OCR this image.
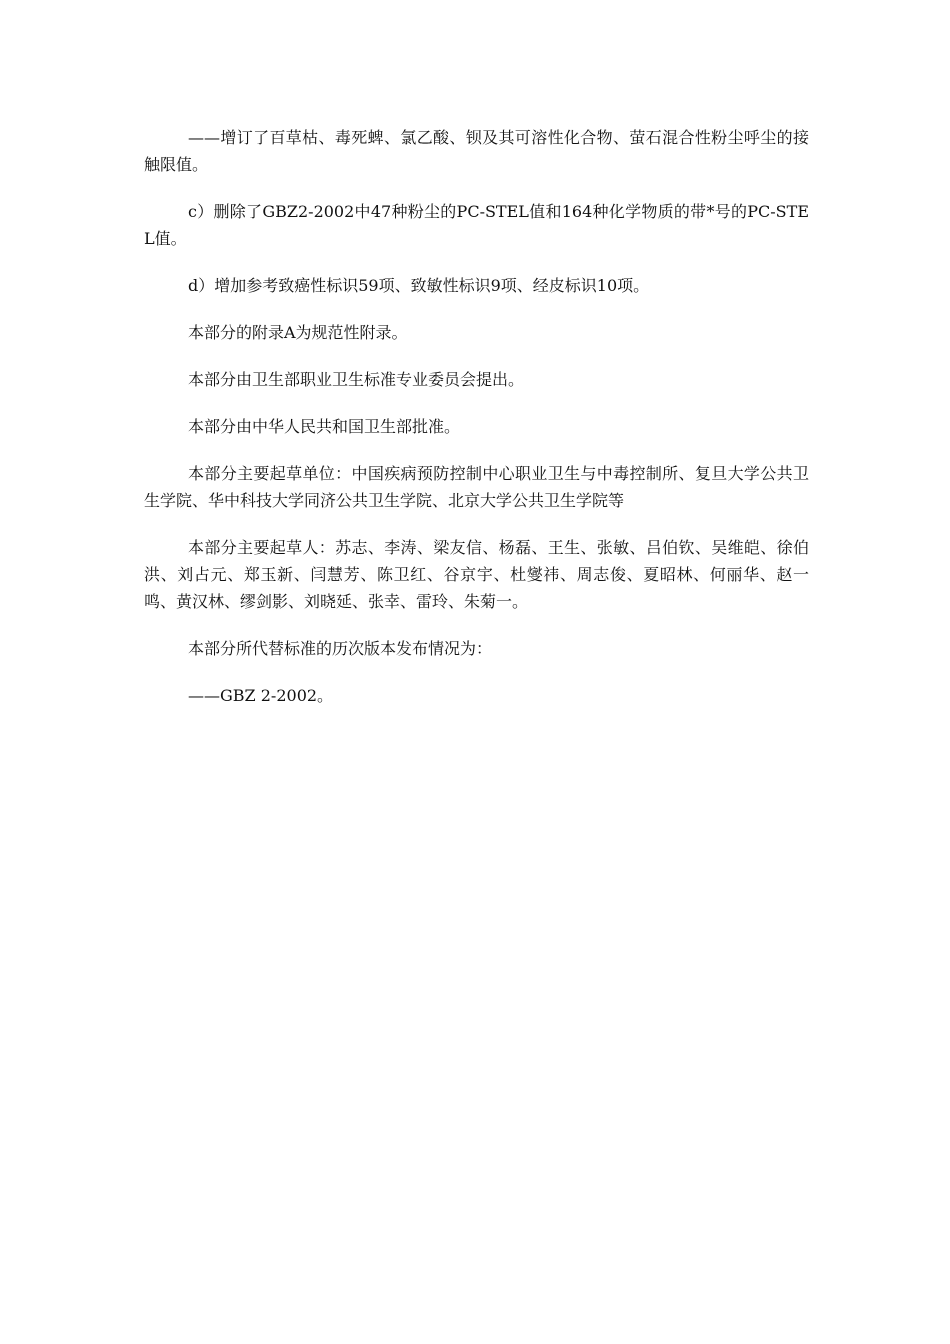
——增订了百草枯、毒死蜱、氯乙酸、钡及其可溶性化合物、萤石混合性粉尘呼尘的接触限值。

c）删除了GBZ2-2002中47种粉尘的PC-STEL值和164种化学物质的带*号的PC-STEL值。

d）增加参考致癌性标识59项、致敏性标识9项、经皮标识10项。

本部分的附录A为规范性附录。

本部分由卫生部职业卫生标准专业委员会提出。

本部分由中华人民共和国卫生部批准。

本部分主要起草单位：中国疾病预防控制中心职业卫生与中毒控制所、复旦大学公共卫生学院、华中科技大学同济公共卫生学院、北京大学公共卫生学院等

本部分主要起草人：苏志、李涛、梁友信、杨磊、王生、张敏、吕伯钦、吴维皑、徐伯洪、刘占元、郑玉新、闫慧芳、陈卫红、谷京宇、杜燮祎、周志俊、夏昭林、何丽华、赵一鸣、黄汉林、缪剑影、刘晓延、张幸、雷玲、朱菊一。

本部分所代替标准的历次版本发布情况为：

——GBZ 2-2002。
